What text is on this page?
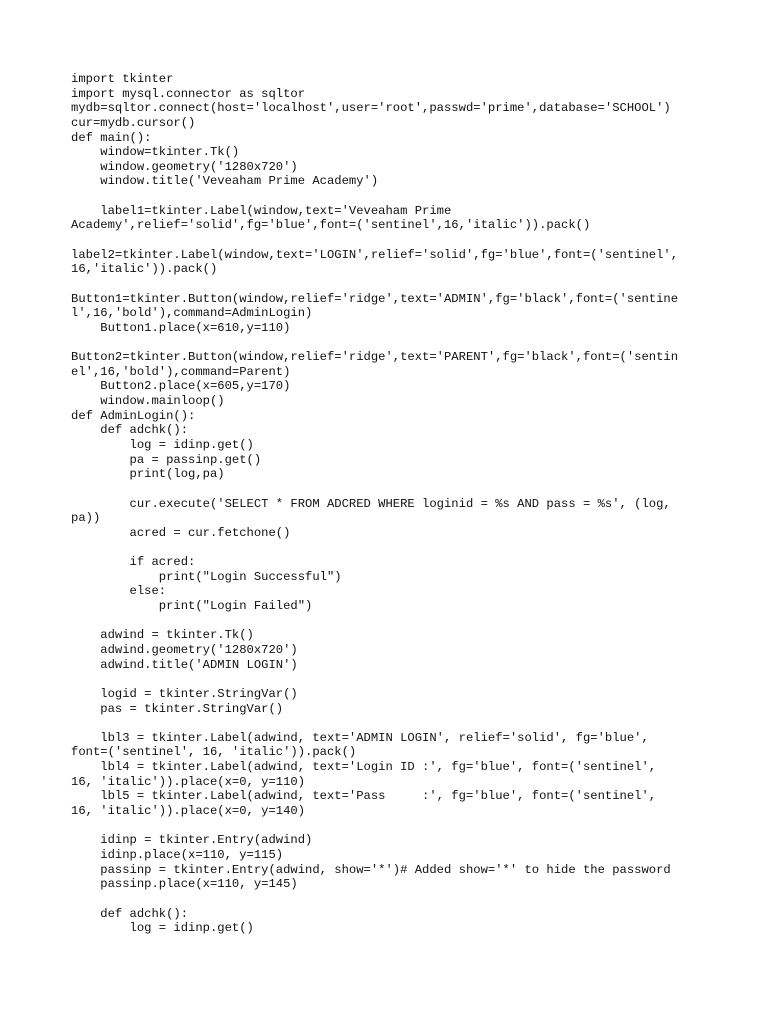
import tkinter
import mysql.connector as sqltor
mydb=sqltor.connect(host='localhost',user='root',passwd='prime',database='SCHOOL')
cur=mydb.cursor()
def main():
window=tkinter.Tk()
window.geometry('1280x720')
window.title('Veveaham Prime Academy')
label1=tkinter.Label(window,text='Veveaham Prime
Academy',relief='solid',fg='blue',font=('sentinel',16,'italic')).pack()
label2=tkinter.Label(window,text='LOGIN',relief='solid',fg='blue',font=('sentinel',
16,'italic')).pack()
Button1=tkinter.Button(window,relief='ridge',text='ADMIN',fg='black',font=('sentine
l',16,'bold'),command=AdminLogin)
Button1.place(x=610,y=110)
Button2=tkinter.Button(window,relief='ridge',text='PARENT',fg='black',font=('sentin
el',16,'bold'),command=Parent)
Button2.place(x=605,y=170)
window.mainloop()
def AdminLogin():
def adchk():
log = idinp.get()
pa = passinp.get()
print(log,pa)
cur.execute('SELECT * FROM ADCRED WHERE loginid = %s AND pass = %s', (log,
pa))
acred = cur.fetchone()
if acred:
print("Login Successful")
else:
print("Login Failed")
adwind = tkinter.Tk()
adwind.geometry('1280x720')
adwind.title('ADMIN LOGIN')
logid = tkinter.StringVar()
pas = tkinter.StringVar()
lbl3 = tkinter.Label(adwind, text='ADMIN LOGIN', relief='solid', fg='blue',
font=('sentinel', 16, 'italic')).pack()
lbl4 = tkinter.Label(adwind, text='Login ID :', fg='blue', font=('sentinel',
16, 'italic')).place(x=0, y=110)
lbl5 = tkinter.Label(adwind, text='Pass     :', fg='blue', font=('sentinel',
16, 'italic')).place(x=0, y=140)
idinp = tkinter.Entry(adwind)
idinp.place(x=110, y=115)
passinp = tkinter.Entry(adwind, show='*')# Added show='*' to hide the password
passinp.place(x=110, y=145)
def adchk():
log = idinp.get()
